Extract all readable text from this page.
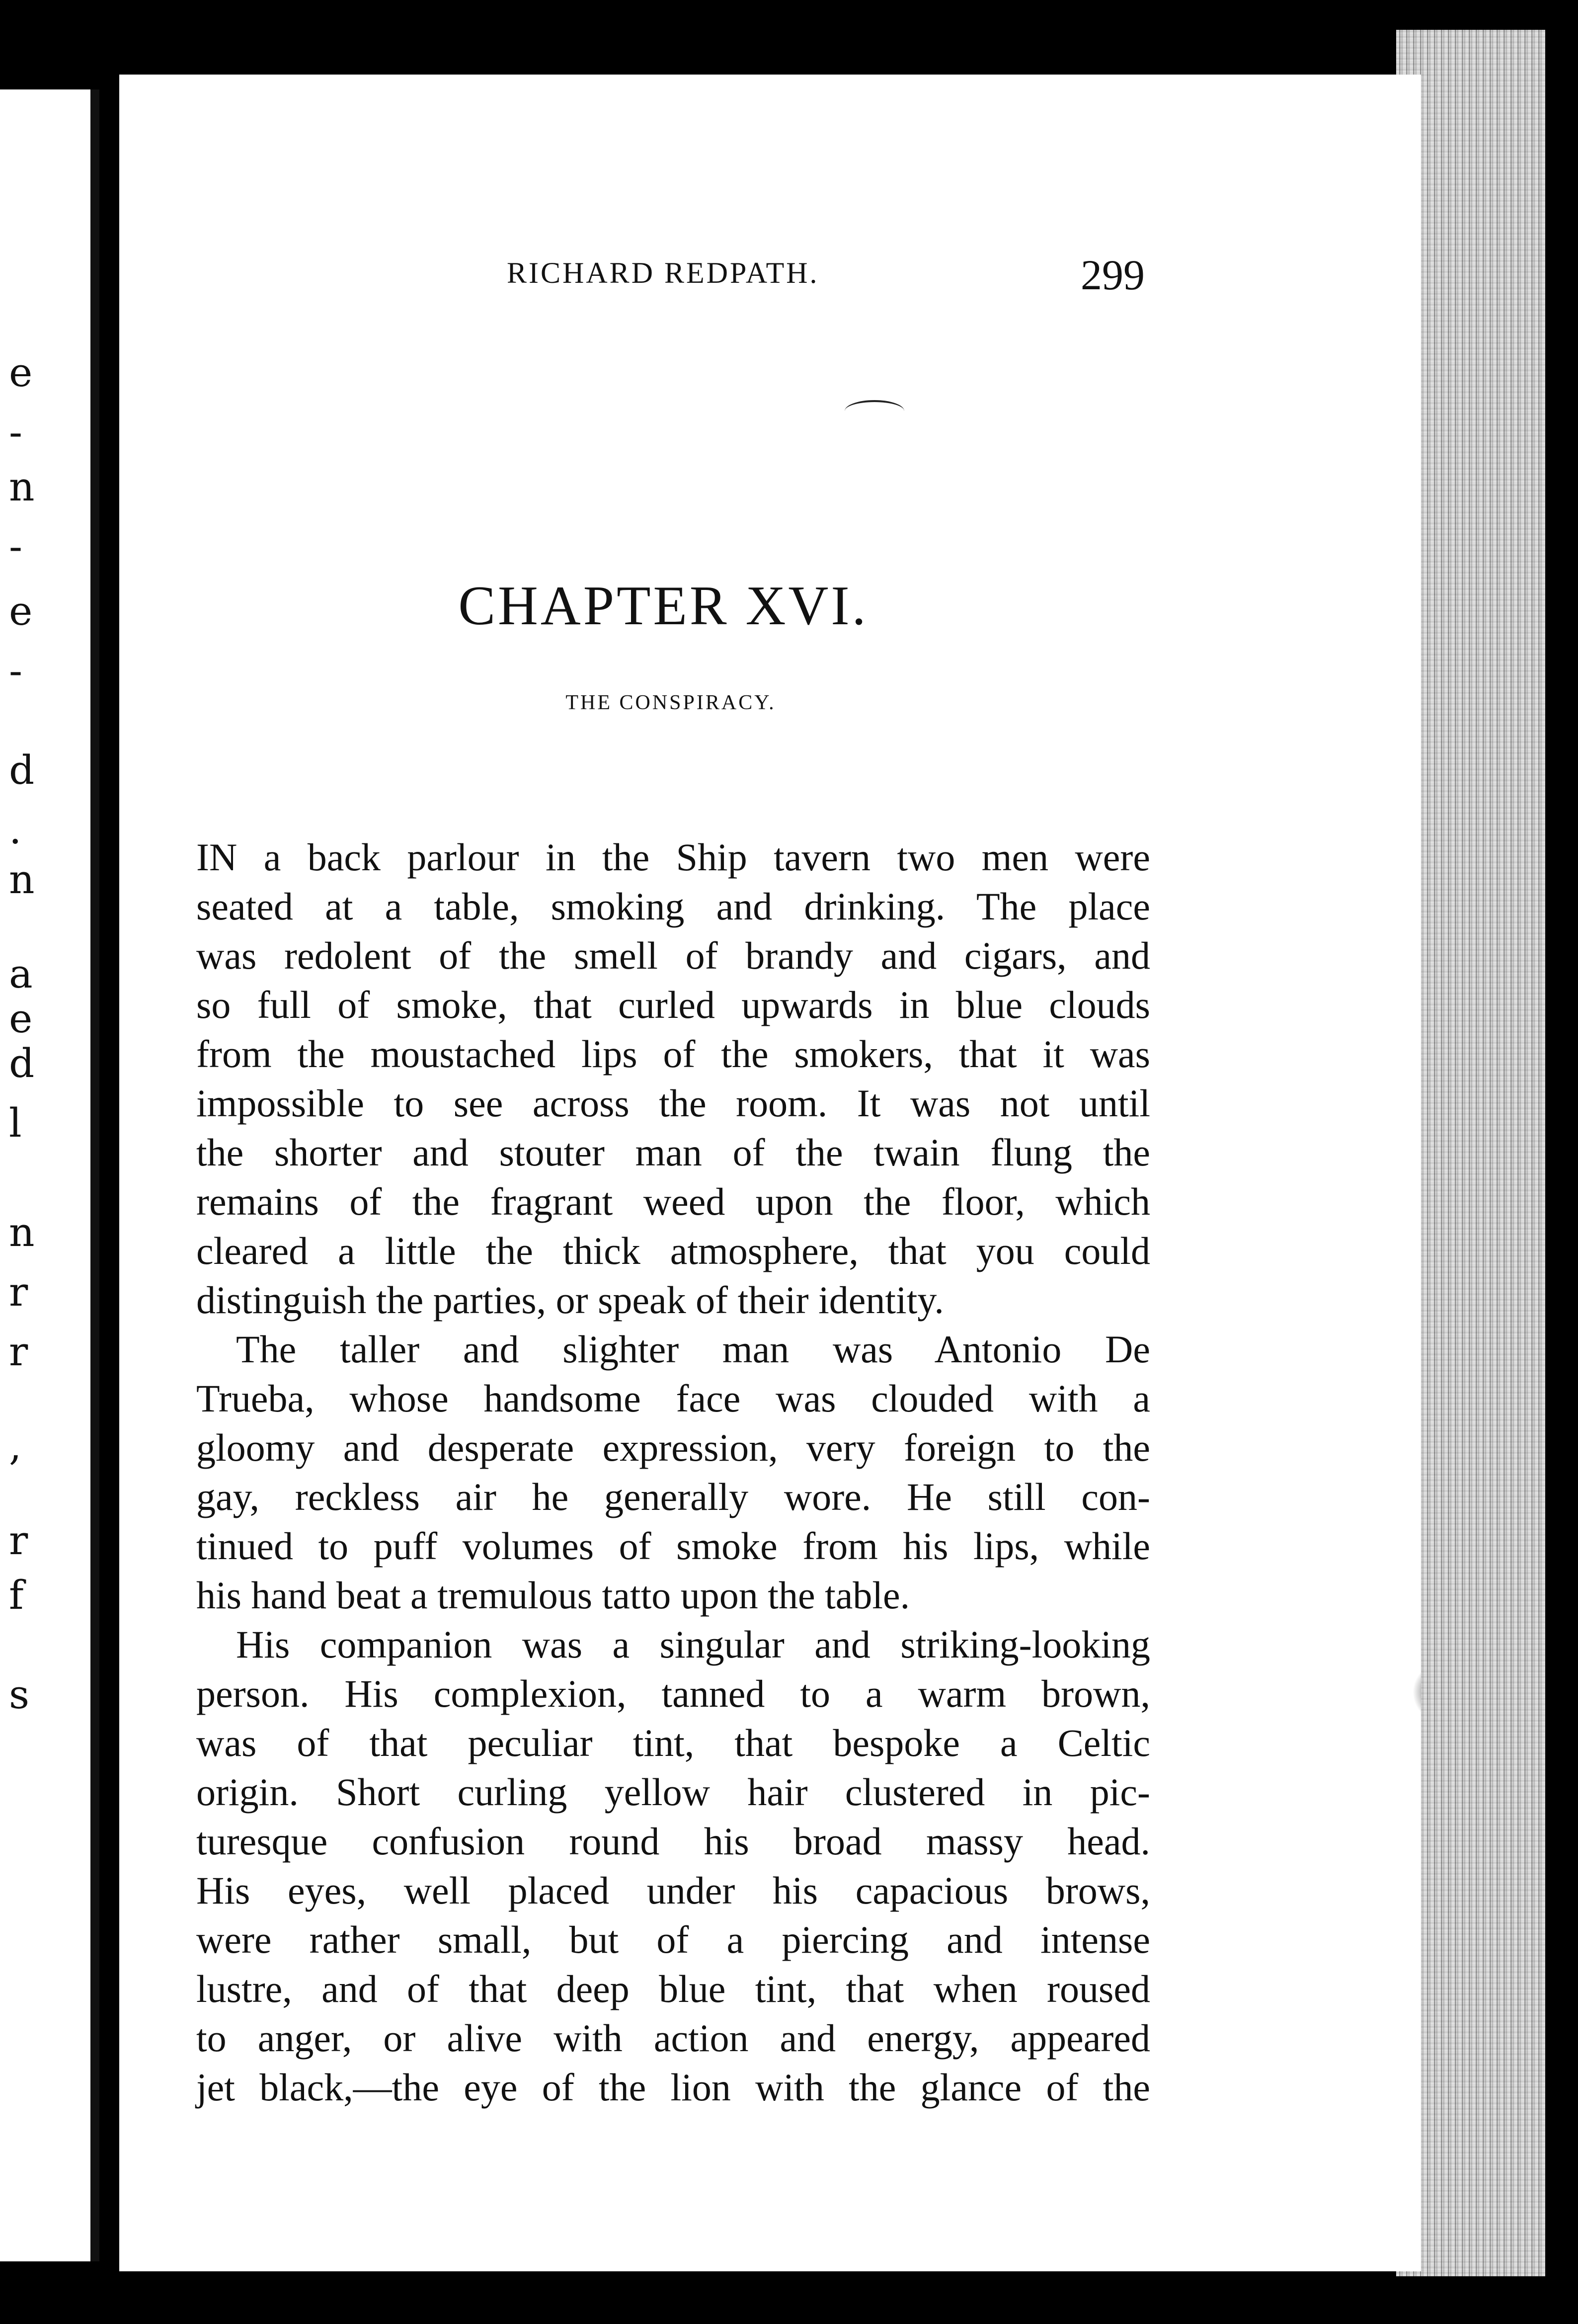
e
-
n
-
e
-
d
.
n
a
e
d
l
n
r
r
,
r
f
s
RICHARD REDPATH.	299
CHAPTER XVI.
THE CONSPIRACY.
IN a back parlour in the Ship tavern two men were
seated at a table, smoking and drinking. The place
was redolent of the smell of brandy and cigars, and
so full of smoke, that curled upwards in blue clouds
from the moustached lips of the smokers, that it was
impossible to see across the room. It was not until
the shorter and stouter man of the twain flung the
remains of the fragrant weed upon the floor, which
cleared a little the thick atmosphere, that you could
distinguish the parties, or speak of their identity.
The taller and slighter man was Antonio De
Trueba, whose handsome face was clouded with a
gloomy and desperate expression, very foreign to the
gay, reckless air he generally wore. He still con-
tinued to puff volumes of smoke from his lips, while
his hand beat a tremulous tatto upon the table.
His companion was a singular and striking-looking
person. His complexion, tanned to a warm brown,
was of that peculiar tint, that bespoke a Celtic
origin. Short curling yellow hair clustered in pic-
turesque confusion round his broad massy head.
His eyes, well placed under his capacious brows,
were rather small, but of a piercing and intense
lustre, and of that deep blue tint, that when roused
to anger, or alive with action and energy, appeared
jet black,—the eye of the lion with the glance of the
